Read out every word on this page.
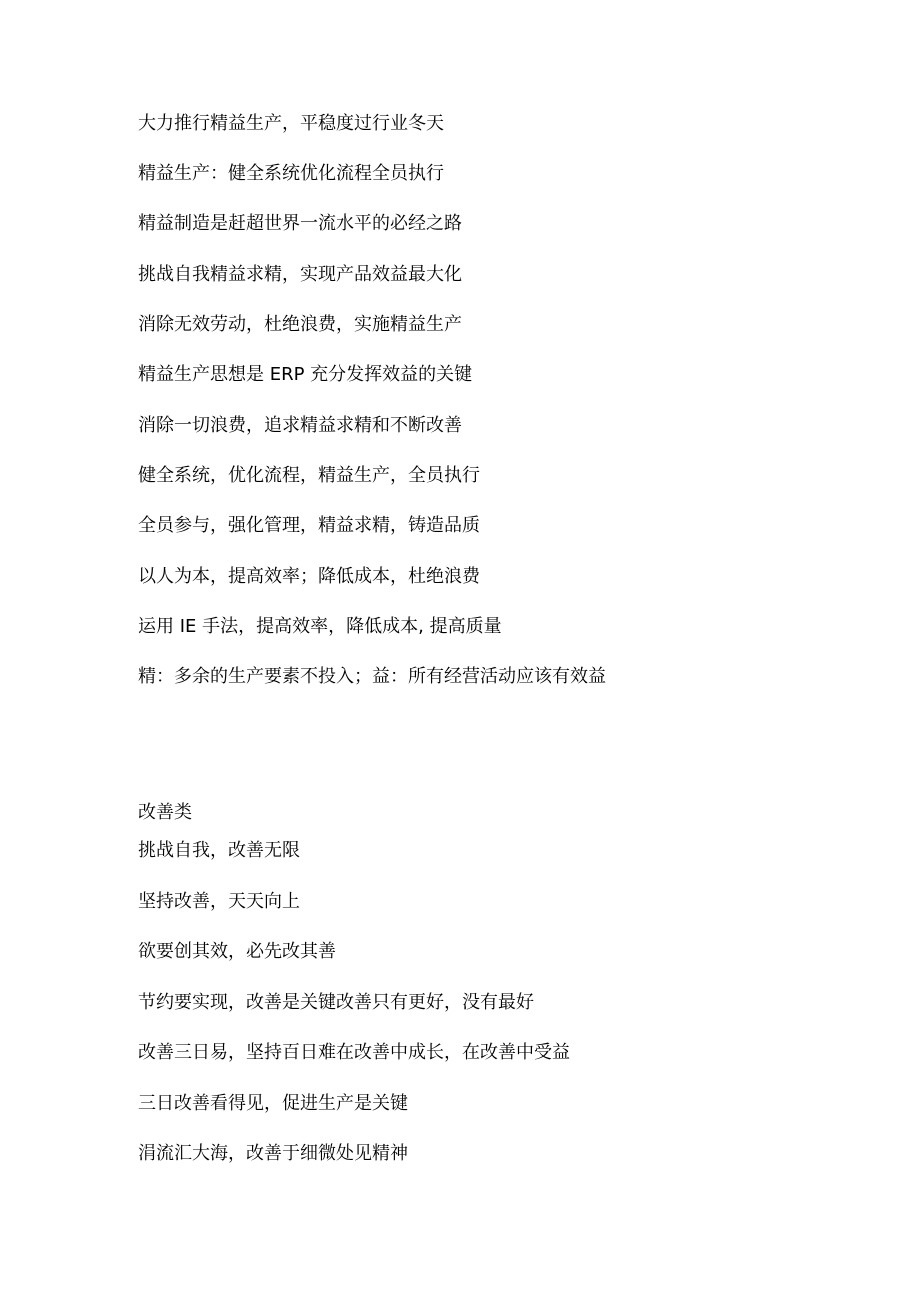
大力推行精益生产，平稳度过行业冬天

精益生产：健全系统优化流程全员执行

精益制造是赶超世界一流水平的必经之路

挑战自我精益求精，实现产品效益最大化

消除无效劳动，杜绝浪费，实施精益生产

精益生产思想是 ERP 充分发挥效益的关键

消除一切浪费，追求精益求精和不断改善

健全系统，优化流程，精益生产，全员执行

全员参与，强化管理，精益求精，铸造品质

以人为本，提高效率；降低成本，杜绝浪费

运用 IE 手法，提高效率，降低成本, 提高质量

精：多余的生产要素不投入；益：所有经营活动应该有效益

改善类

挑战自我，改善无限

坚持改善，天天向上

欲要创其效，必先改其善

节约要实现，改善是关键改善只有更好，没有最好

改善三日易，坚持百日难在改善中成长，在改善中受益

三日改善看得见，促进生产是关键

涓流汇大海，改善于细微处见精神
